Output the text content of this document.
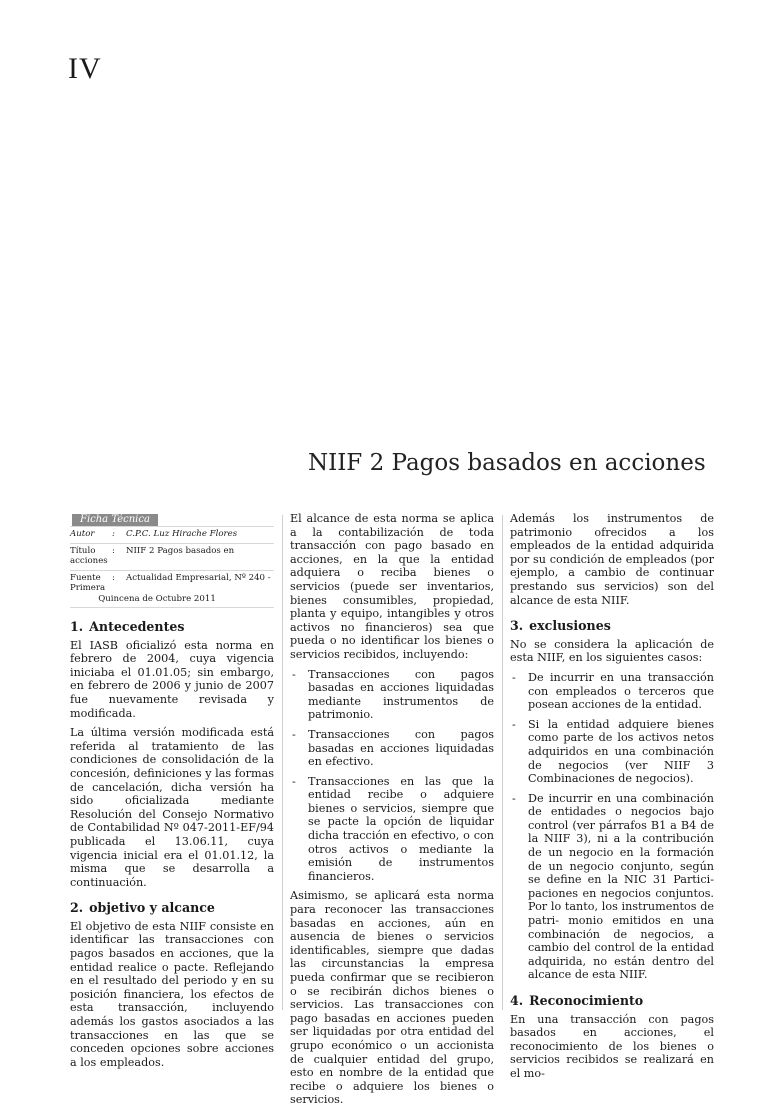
IV
NIIF 2 Pagos basados en acciones
Ficha Técnica
Autor : C.P.C. Luz Hirache Flores
Título : NIIF 2 Pagos basados en acciones
Fuente : Actualidad Empresarial, Nº 240 - Primera
Quincena de Octubre 2011
1. Antecedentes

El IASB oficializó esta norma en febrero de 2004, cuya vigencia iniciaba el 01.01.05; sin embargo, en febrero de 2006 y junio de 2007 fue nuevamente revisada y modificada.

La última versión modificada está referida al tratamiento de las condiciones de consolidación de la concesión, definiciones y las formas de cancelación, dicha versión ha sido oficializada mediante Resolución del Consejo Normativo de Contabilidad Nº 047-2011-EF/94 publicada el 13.06.11, cuya vigencia inicial era el 01.01.12, la misma que se desarrolla a continuación.

2. objetivo y alcance

El objetivo de esta NIIF consiste en identificar las transacciones con pagos basados en acciones, que la entidad realice o pacte. Reflejando en el resultado del periodo y en su posición financiera, los efectos de esta transacción, incluyendo además los gastos asociados a las transacciones en las que se conceden opciones sobre acciones a los empleados.

El alcance de esta norma se aplica a la contabilización de toda transacción con pago basado en acciones, en la que la entidad adquiera o reciba bienes o servicios (puede ser inventarios, bienes consumibles, propiedad, planta y equipo, intangibles y otros activos no financieros) sea que pueda o no identificar los bienes o servicios recibidos, incluyendo:

- Transacciones con pagos basadas en acciones liquidadas mediante instrumentos de patrimonio.
- Transacciones con pagos basadas en acciones liquidadas en efectivo.
- Transacciones en las que la entidad recibe o adquiere bienes o servicios, siempre que se pacte la opción de liquidar dicha tracción en efectivo, o con otros activos o mediante la emisión de instrumentos financieros.

Asimismo, se aplicará esta norma para reconocer las transacciones basadas en acciones, aún en ausencia de bienes o servicios identificables, siempre que dadas las circunstancias la empresa pueda confirmar que se recibieron o se recibirán dichos bienes o servicios. Las transacciones con pago basadas en acciones pueden ser liquidadas por otra entidad del grupo económico o un accionista de cualquier entidad del grupo, esto en nombre de la entidad que recibe o adquiere los bienes o servicios.

Además los instrumentos de patrimonio ofrecidos a los empleados de la entidad adquirida por su condición de empleados (por ejemplo, a cambio de continuar prestando sus servicios) son del alcance de esta NIIF.

3. exclusiones

No se considera la aplicación de esta NIIF, en los siguientes casos:

- De incurrir en una transacción con empleados o terceros que posean acciones de la entidad.
- Si la entidad adquiere bienes como parte de los activos netos adquiridos en una combinación de negocios (ver NIIF 3 Combinaciones de negocios).
- De incurrir en una combinación de entidades o negocios bajo control (ver párrafos B1 a B4 de la NIIF 3), ni a la contribución de un negocio en la formación de un negocio conjunto, según se define en la NIC 31 Partici- paciones en negocios conjuntos. Por lo tanto, los instrumentos de patri- monio emitidos en una combinación de negocios, a cambio del control de la entidad adquirida, no están dentro del alcance de esta NIIF.
4. Reconocimiento

En una transacción con pagos basados en acciones, el reconocimiento de los bienes o servicios recibidos se realizará en el mo-
